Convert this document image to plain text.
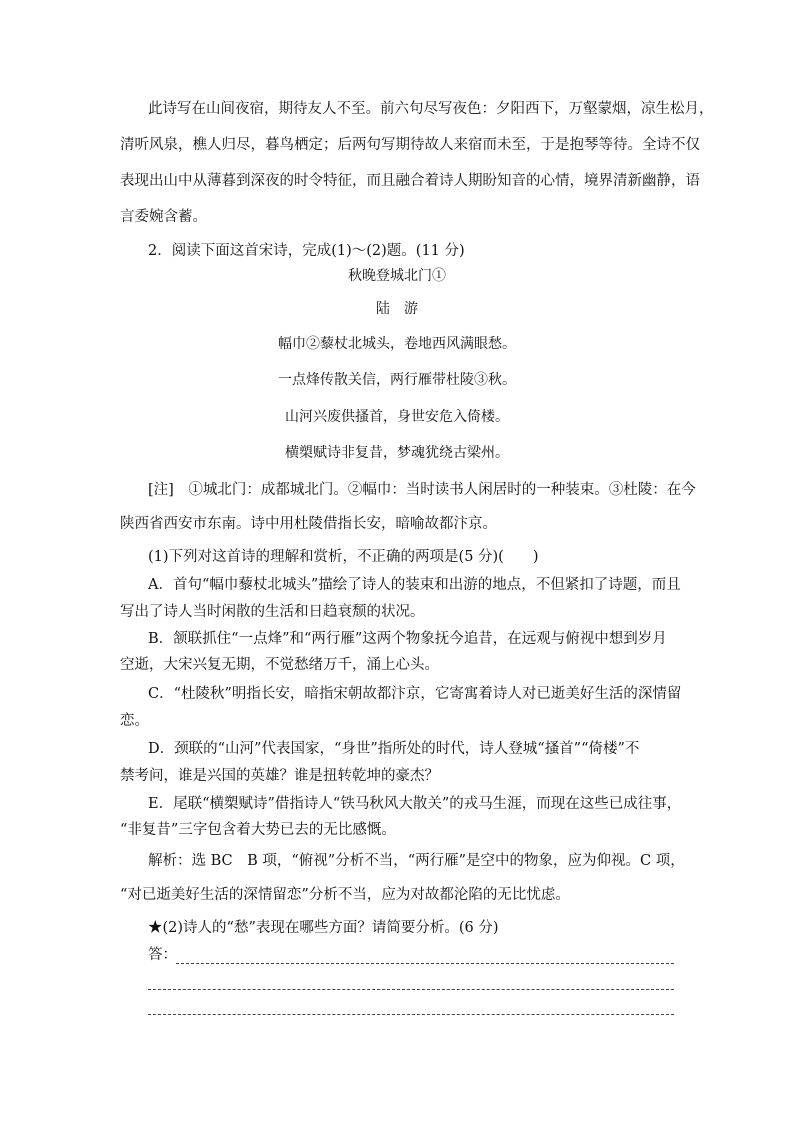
此诗写在山间夜宿，期待友人不至。前六句尽写夜色：夕阳西下，万壑蒙烟，凉生松月，
清听风泉，樵人归尽，暮鸟栖定；后两句写期待故人来宿而未至，于是抱琴等待。全诗不仅
表现出山中从薄暮到深夜的时令特征，而且融合着诗人期盼知音的心情，境界清新幽静，语
言委婉含蓄。
2．阅读下面这首宋诗，完成(1)～(2)题。(11 分)
秋晚登城北门①
陆　游
幅巾②藜杖北城头，卷地西风满眼愁。
一点烽传散关信，两行雁带杜陵③秋。
山河兴废供搔首，身世安危入倚楼。
横槊赋诗非复昔，梦魂犹绕古梁州。
[注]　①城北门：成都城北门。②幅巾：当时读书人闲居时的一种装束。③杜陵：在今
陕西省西安市东南。诗中用杜陵借指长安，暗喻故都汴京。
(1)下列对这首诗的理解和赏析，不正确的两项是(5 分)(　　)
A．首句“幅巾藜杖北城头”描绘了诗人的装束和出游的地点，不但紧扣了诗题，而且
写出了诗人当时闲散的生活和日趋衰颓的状况。
B．颔联抓住“一点烽”和“两行雁”这两个物象抚今追昔，在远观与俯视中想到岁月
空逝，大宋兴复无期，不觉愁绪万千，涌上心头。
C．“杜陵秋”明指长安，暗指宋朝故都汴京，它寄寓着诗人对已逝美好生活的深情留
恋。
D．颈联的“山河”代表国家，“身世”指所处的时代，诗人登城“搔首”“倚楼”不
禁考问，谁是兴国的英雄？谁是扭转乾坤的豪杰？
E．尾联“横槊赋诗”借指诗人“铁马秋风大散关”的戎马生涯，而现在这些已成往事，
“非复昔”三字包含着大势已去的无比感慨。
解析：选 BC　B 项，“俯视”分析不当，“两行雁”是空中的物象，应为仰视。C 项，
“对已逝美好生活的深情留恋”分析不当，应为对故都沦陷的无比忧虑。
★(2)诗人的“愁”表现在哪些方面？请简要分析。(6 分)
答：
